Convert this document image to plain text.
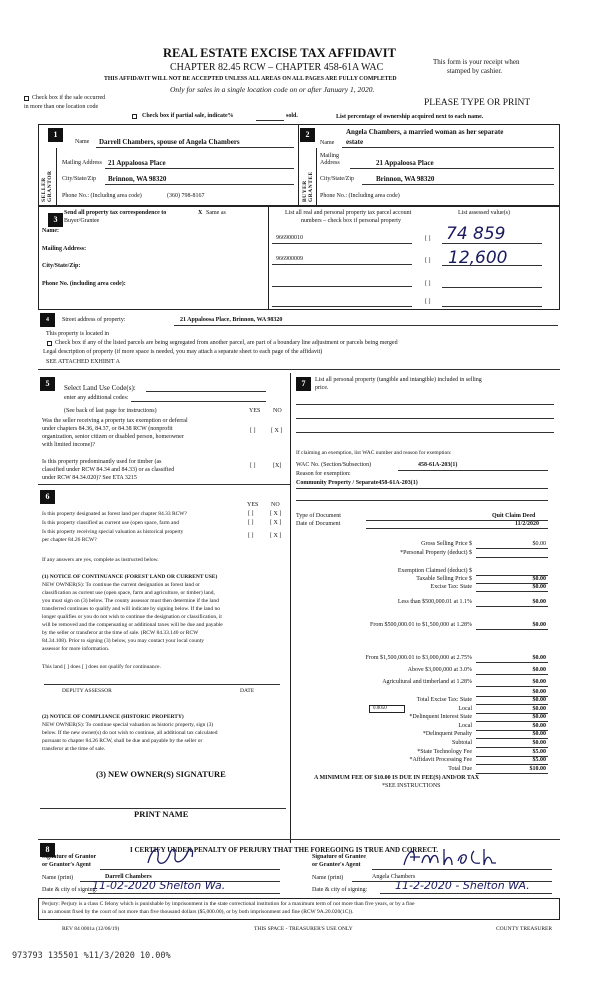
REAL ESTATE EXCISE TAX AFFIDAVIT
CHAPTER 82.45 RCW – CHAPTER 458-61A WAC
THIS AFFIDAVIT WILL NOT BE ACCEPTED UNLESS ALL AREAS ON ALL PAGES ARE FULLY COMPLETED
Only for sales in a single location code on or after January 1, 2020.
This form is your receipt when
stamped by cashier.
PLEASE TYPE OR PRINT
Check box if the sale occurred
in more than one location code
Check box if partial sale, indicate%	sold.	List percentage of ownership acquired next to each name.
1
SELLER GRANTOR
Name Darrell Chambers, spouse of Angela Chambers
Mailing Address 21 Appaloosa Place
City/State/Zip Brinnon, WA 98320
Phone No.: (Including area code)	(360) 798-8167
2
BUYER GRANTEE
Angela Chambers, a married woman as her separate
Name estate
Mailing
Address	21 Appaloosa Place
City/State/Zip	Brinnon, WA 98320
Phone No.: (Including area code)
3
Send all property tax correspondence to	X Same as
Buyer/Grantee
Name:
Mailing Address:
City/State/Zip:
Phone No. (including area code):
List all real and personal property tax parcel account
numbers – check box if personal property
List assessed value(s)
966900010	[ ] 74 859
966900009	[ ] 12,600
[ ]
[ ]
4	Street address of property:	21 Appaloosa Place, Brinnon, WA 98320
This property is located in
Check box if any of the listed parcels are being segregated from another parcel, are part of a boundary line adjustment or parcels being merged
Legal description of property (if more space is needed, you may attach a separate sheet to each page of the affidavit)
SEE ATTACHED EXHIBIT A
5	Select Land Use Code(s):
enter any additional codes:
(See back of last page for instructions)	YES NO
Was the seller receiving a property tax exemption or deferral
under chapters 84.36, 84.37, or 84.38 RCW (nonprofit
organization, senior citizen or disabled person, homeowner
with limited income)?
[ ]	[ X ]
Is this property predominantly used for timber (as
classified under RCW 84.34 and 84.33) or as classified
under RCW 84.34.020)? See ETA 3215
[ ]	[X]
6
YES NO
Is this property designated as forest land per chapter 84.33 RCW?
Is this property classified as current use (open space, farm and
Is this property receiving special valuation as historical property
per chapter 84.26 RCW?
[ ]	[ X ]
[ ]	[ X ]
[ ]	[ X ]
If any answers are yes, complete as instructed below.
(1) NOTICE OF CONTINUANCE (FOREST LAND OR CURRENT USE)
NEW OWNER(S): To continue the current designation as forest land or
classification as current use (open space, farm and agriculture, or timber) land,
you must sign on (3) below. The county assessor must then determine if the land
transferred continues to qualify and will indicate by signing below. If the land no
longer qualifies or you do not wish to continue the designation or classification, it
will be removed and the compensating or additional taxes will be due and payable
by the seller or transferor at the time of sale. (RCW 84.33.140 or RCW
84.34.108). Prior to signing (3) below, you may contact your local county
assessor for more information.
This land [ ] does [ ] does not qualify for continuance.
DEPUTY ASSESSOR	DATE
(2) NOTICE OF COMPLIANCE (HISTORIC PROPERTY)
NEW OWNER(S): To continue special valuation as historic property, sign (3)
below. If the new owner(s) do not wish to continue, all additional tax calculated
pursuant to chapter 84.26 RCW, shall be due and payable by the seller or
transferor at the time of sale.
(3) NEW OWNER(S) SIGNATURE
PRINT NAME
7	List all personal property (tangible and intangible) included in selling
price.
If claiming an exemption, list WAC number and reason for exemption:
WAC No. (Section/Subsection)	458-61A-203(1)
Reason for exemption:
Community Property / Separate458-61A-203(1)
Type of Document	Quit Claim Deed
Date of Document	11/2/2020
Gross Selling Price $	$0.00
*Personal Property (deduct) $
Exemption Claimed (deduct) $
Taxable Selling Price $	$0.00
Excise Tax: State	$0.00
Less than $500,000.01 at 1.1%	$0.00
From $500,000.01 to $1,500,000 at 1.28%	$0.00
From $1,500,000.01 to $3,000,000 at 2.75%	$0.00
Above $3,000,000 at 3.0%	$0.00
Agricultural and timberland at 1.28%	$0.00
$0.00
Total Excise Tax: State	$0.00
0.0050	Local	$0.00
*Delinquent Interest State	$0.00
Local	$0.00
*Delinquent Penalty	$0.00
Subtotal	$0.00
*State Technology Fee	$5.00
*Affidavit Processing Fee	$5.00
Total Due	$10.00
A MINIMUM FEE OF $10.00 IS DUE IN FEE(S) AND/OR TAX
*SEE INSTRUCTIONS
8	I CERTIFY UNDER PENALTY OF PERJURY THAT THE FOREGOING IS TRUE AND CORRECT.
Signature of Grantor
or Grantor's Agent
Name (print)	Darrell Chambers
Date & city of signing:
11-02-2020 Shelton Wa.
Signature of Grantee
or Grantee's Agent
Name (print)	Angela Chambers
Date & city of signing:	11-2-2020 - Shelton WA.
Perjury: Perjury is a class C felony which is punishable by imprisonment in the state correctional institution for a maximum term of not more than five years, or by a fine
in an amount fixed by the court of not more than five thousand dollars ($5,000.00), or by both imprisonment and fine (RCW 9A.20.020(1C)).
REV 84 0001a (12/06/19)	THIS SPACE - TREASURER'S USE ONLY	COUNTY TREASURER
973793 135501 %11/3/2020 10.00%
